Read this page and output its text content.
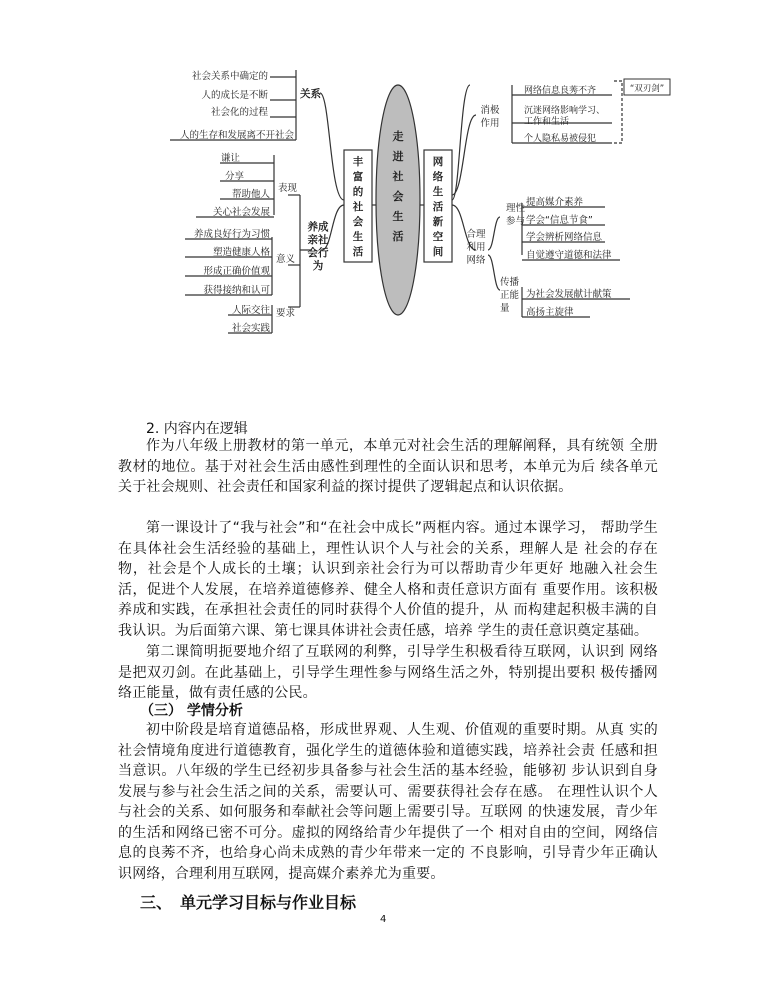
走进社会生活
丰富的社会生活
网络生活新空间
关系
社会关系中确定的
人的成长是不断
社会化的过程
人的生存和发展离不开社会
养成亲社会行为
表现
意义
要求
谦让
分享
帮助他人
关心社会发展
养成良好行为习惯
塑造健康人格
形成正确价值观
获得接纳和认可
人际交往
社会实践
消极作用
合理利用网络
网络信息良莠不齐
沉迷网络影响学习、工作和生活
个人隐私易被侵犯
“双刃剑”
理性参与
传播正能量
提高媒介素养
学会“信息节食”
学会辨析网络信息
自觉遵守道德和法律
为社会发展献计献策
高扬主旋律
2. 内容内在逻辑
作为八年级上册教材的第一单元，本单元对社会生活的理解阐释，具有统领 全册教材的地位。基于对社会生活由感性到理性的全面认识和思考，本单元为后 续各单元关于社会规则、社会责任和国家利益的探讨提供了逻辑起点和认识依据。
第一课设计了“我与社会”和“在社会中成长”两框内容。通过本课学习， 帮助学生在具体社会生活经验的基础上，理性认识个人与社会的关系，理解人是 社会的存在物，社会是个人成长的土壤；认识到亲社会行为可以帮助青少年更好 地融入社会生活，促进个人发展，在培养道德修养、健全人格和责任意识方面有 重要作用。该积极养成和实践，在承担社会责任的同时获得个人价值的提升，从 而构建起积极丰满的自我认识。为后面第六课、第七课具体讲社会责任感，培养 学生的责任意识奠定基础。
第二课简明扼要地介绍了互联网的利弊，引导学生积极看待互联网，认识到 网络是把双刃剑。在此基础上，引导学生理性参与网络生活之外，特别提出要积 极传播网络正能量，做有责任感的公民。
（三） 学情分析
初中阶段是培育道德品格，形成世界观、人生观、价值观的重要时期。从真 实的社会情境角度进行道德教育，强化学生的道德体验和道德实践，培养社会责 任感和担当意识。八年级的学生已经初步具备参与社会生活的基本经验，能够初 步认识到自身发展与参与社会生活之间的关系，需要认可、需要获得社会存在感。 在理性认识个人与社会的关系、如何服务和奉献社会等问题上需要引导。互联网 的快速发展，青少年的生活和网络已密不可分。虚拟的网络给青少年提供了一个 相对自由的空间，网络信息的良莠不齐，也给身心尚未成熟的青少年带来一定的 不良影响，引导青少年正确认识网络，合理利用互联网，提高媒介素养尤为重要。
三、　单元学习目标与作业目标
4
